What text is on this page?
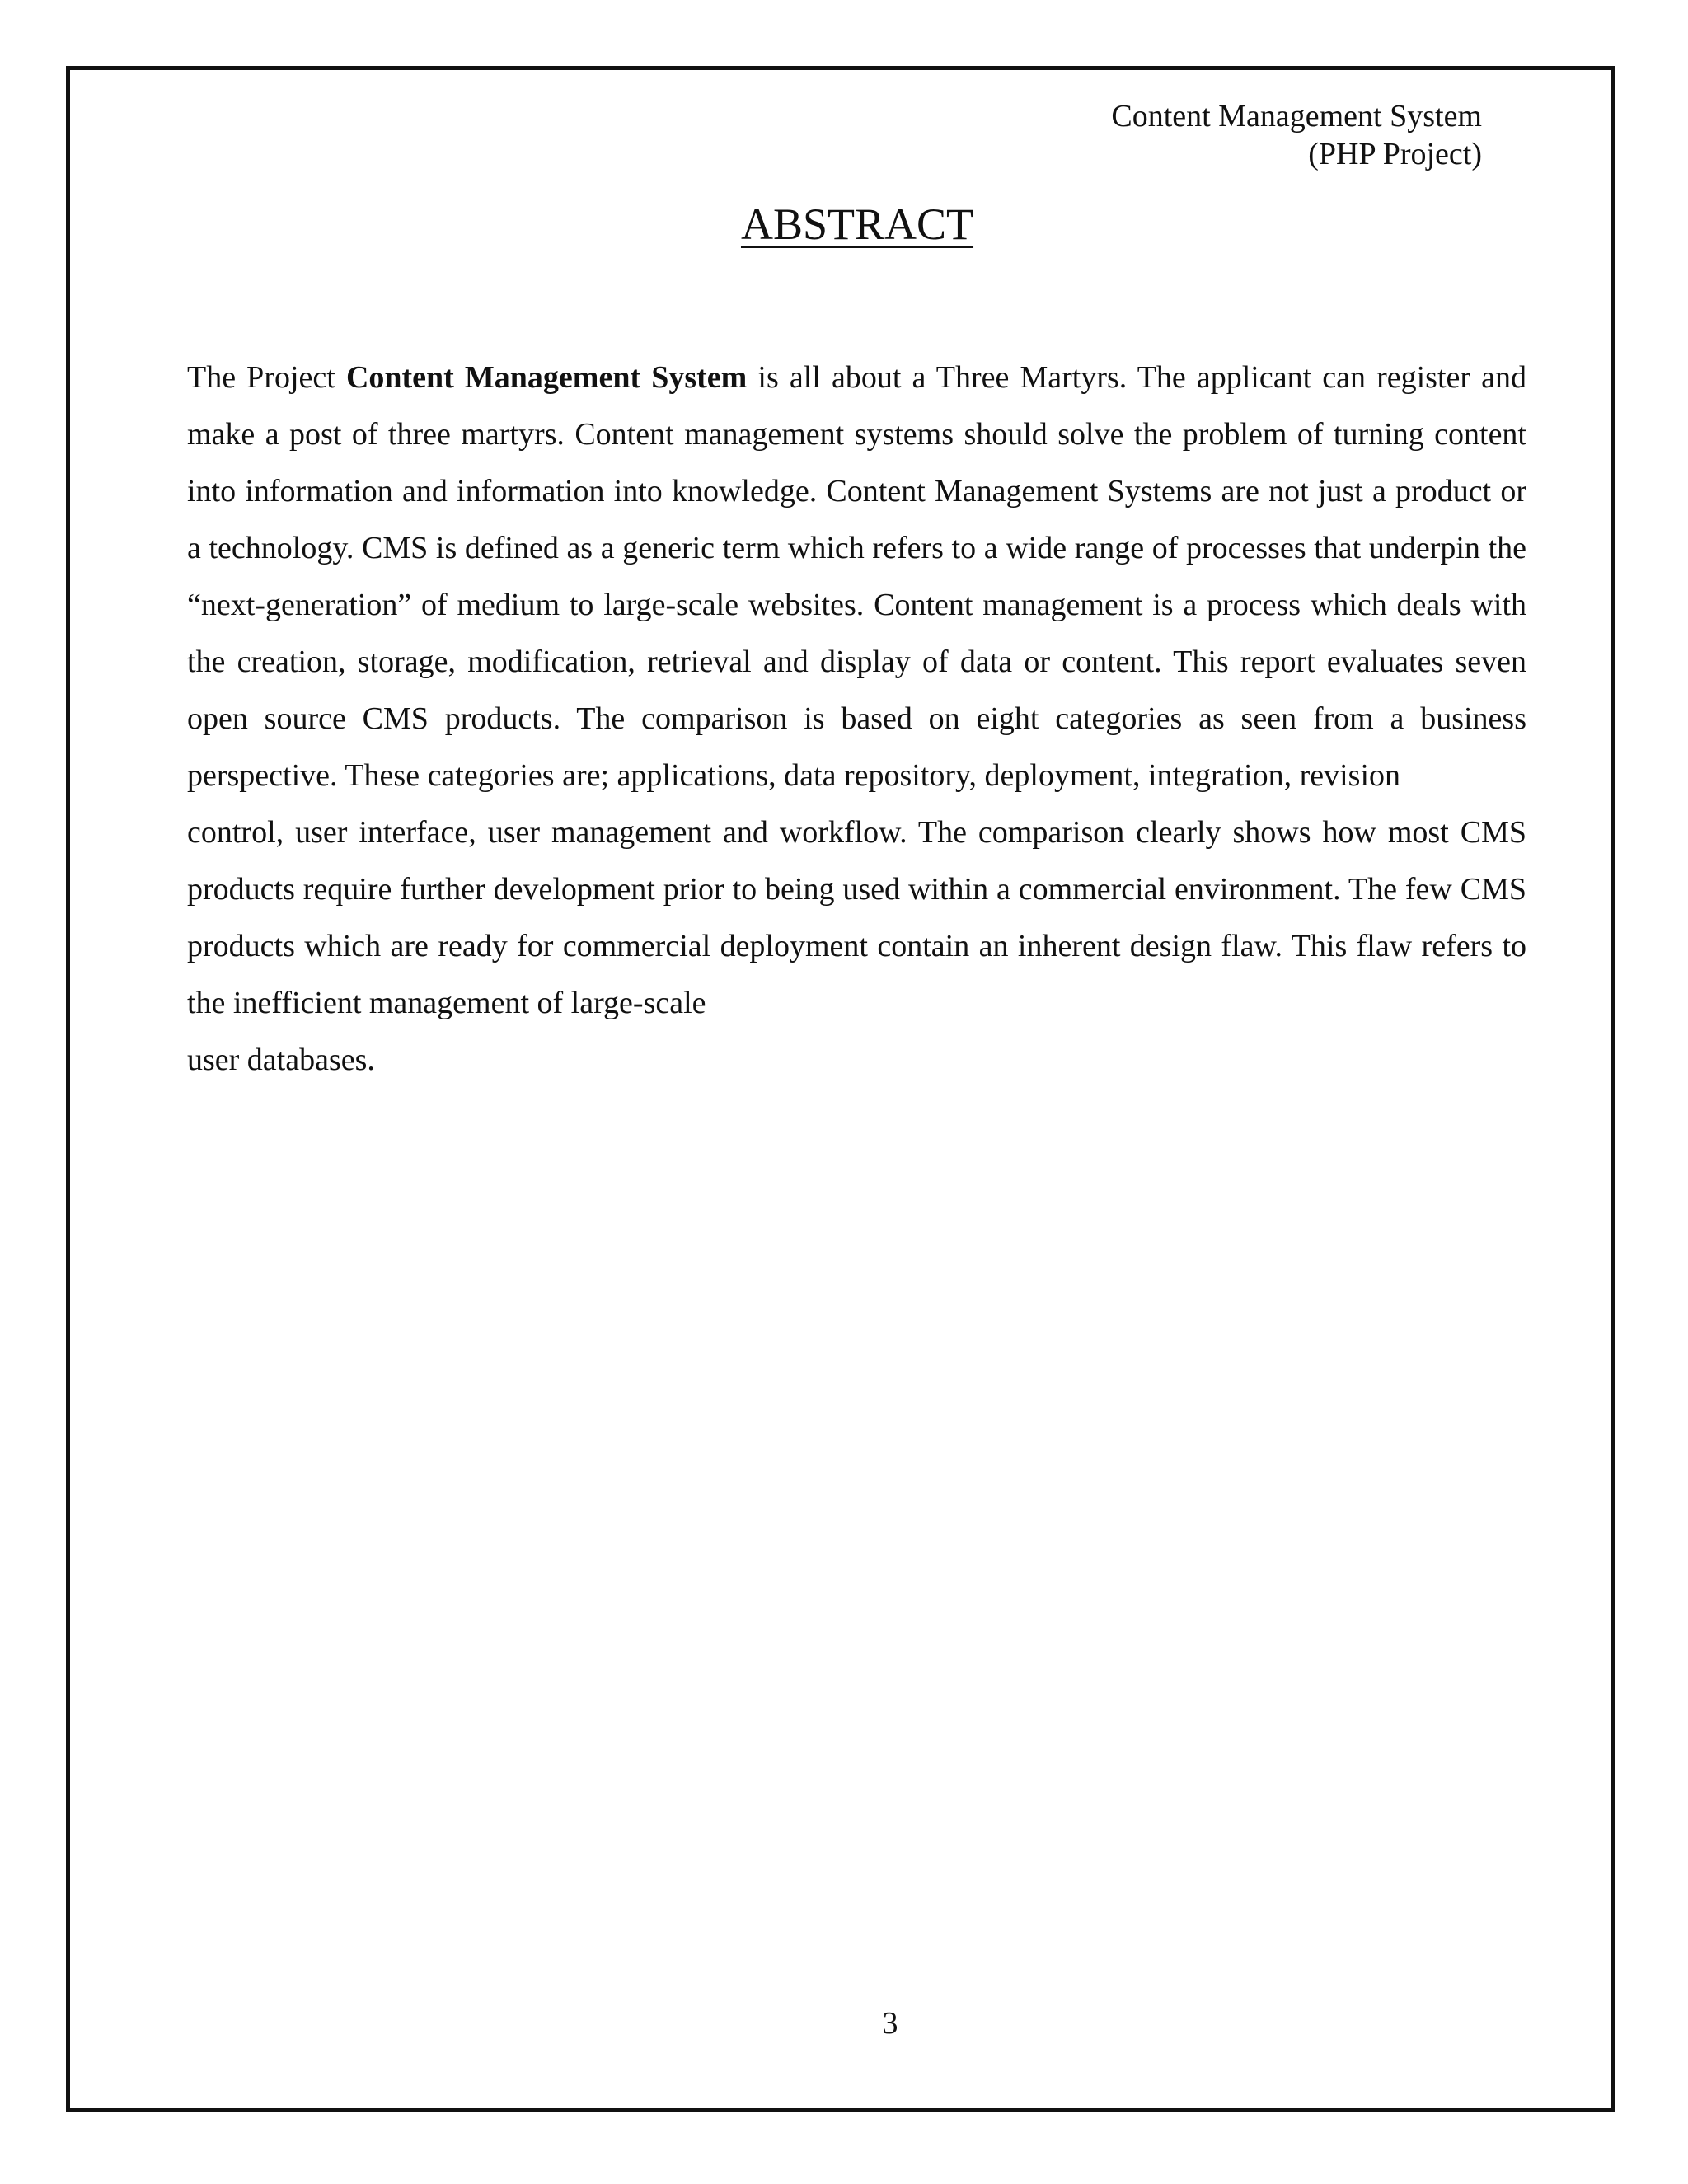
Content Management System
(PHP Project)
ABSTRACT

The Project Content Management System is all about a Three Martyrs. The applicant can register and make a post of three martyrs. Content management systems should solve the problem of turning content into information and information into knowledge. Content Management Systems are not just a product or a technology. CMS is defined as a generic term which refers to a wide range of processes that underpin the “next-generation” of medium to large-scale websites. Content management is a process which deals with the creation, storage, modification, retrieval and display of data or content. This report evaluates seven open source CMS products. The comparison is based on eight categories as seen from a business perspective. These categories are; applications, data repository, deployment, integration, revision

control, user interface, user management and workflow. The comparison clearly shows how most CMS products require further development prior to being used within a commercial environment. The few CMS products which are ready for commercial deployment contain an inherent design flaw. This flaw refers to the inefficient management of large-scale

user databases.

3
